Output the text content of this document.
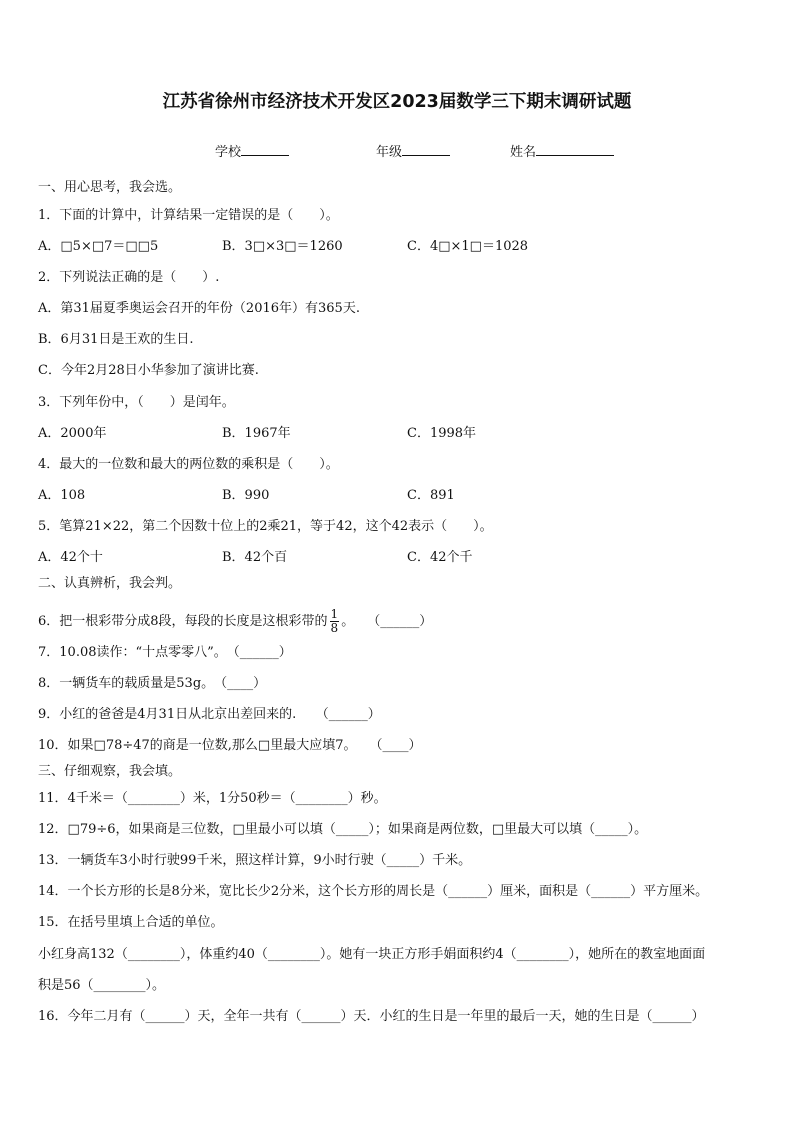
江苏省徐州市经济技术开发区2023届数学三下期末调研试题
学校	年级	姓名
一、用心思考，我会选。
1．下面的计算中，计算结果一定错误的是（　　）。
A．□5×□7＝□□5	B．3□×3□＝1260	C．4□×1□＝1028
2．下列说法正确的是（　　）.
A．第31届夏季奥运会召开的年份（2016年）有365天.
B．6月31日是王欢的生日.
C．今年2月28日小华参加了演讲比赛.
3．下列年份中，（　　）是闰年。
A．2000年	B．1967年	C．1998年
4．最大的一位数和最大的两位数的乘积是（　　）。
A．108	B．990	C．891
5．笔算21×22，第二个因数十位上的2乘21，等于42，这个42表示（　　）。
A．42个十	B．42个百	C．42个千
二、认真辨析，我会判。
6．把一根彩带分成8段，每段的长度是这根彩带的 $\frac{1}{8}$ 。　　（______）
7．10.08读作：“十点零零八”。　（______）
8．一辆货车的载质量是53g。　（____）
9．小红的爸爸是4月31日从北京出差回来的.　　（______）
10．如果□78÷47的商是一位数,那么□里最大应填7。　　（____）
三、仔细观察，我会填。
11．4千米＝（________）米，1分50秒＝（________）秒。
12．□79÷6，如果商是三位数，□里最小可以填（_____）；如果商是两位数，□里最大可以填（_____）。
13．一辆货车3小时行驶99千米，照这样计算，9小时行驶（_____）千米。
14．一个长方形的长是8分米，宽比长少2分米，这个长方形的周长是（______）厘米，面积是（______）平方厘米。
15．在括号里填上合适的单位。
小红身高132（________），体重约40（________）。她有一块正方形手娟面积约4（________），她所在的教室地面面
积是56（________）。
16．今年二月有（______）天，全年一共有（______）天．小红的生日是一年里的最后一天，她的生日是（______）
